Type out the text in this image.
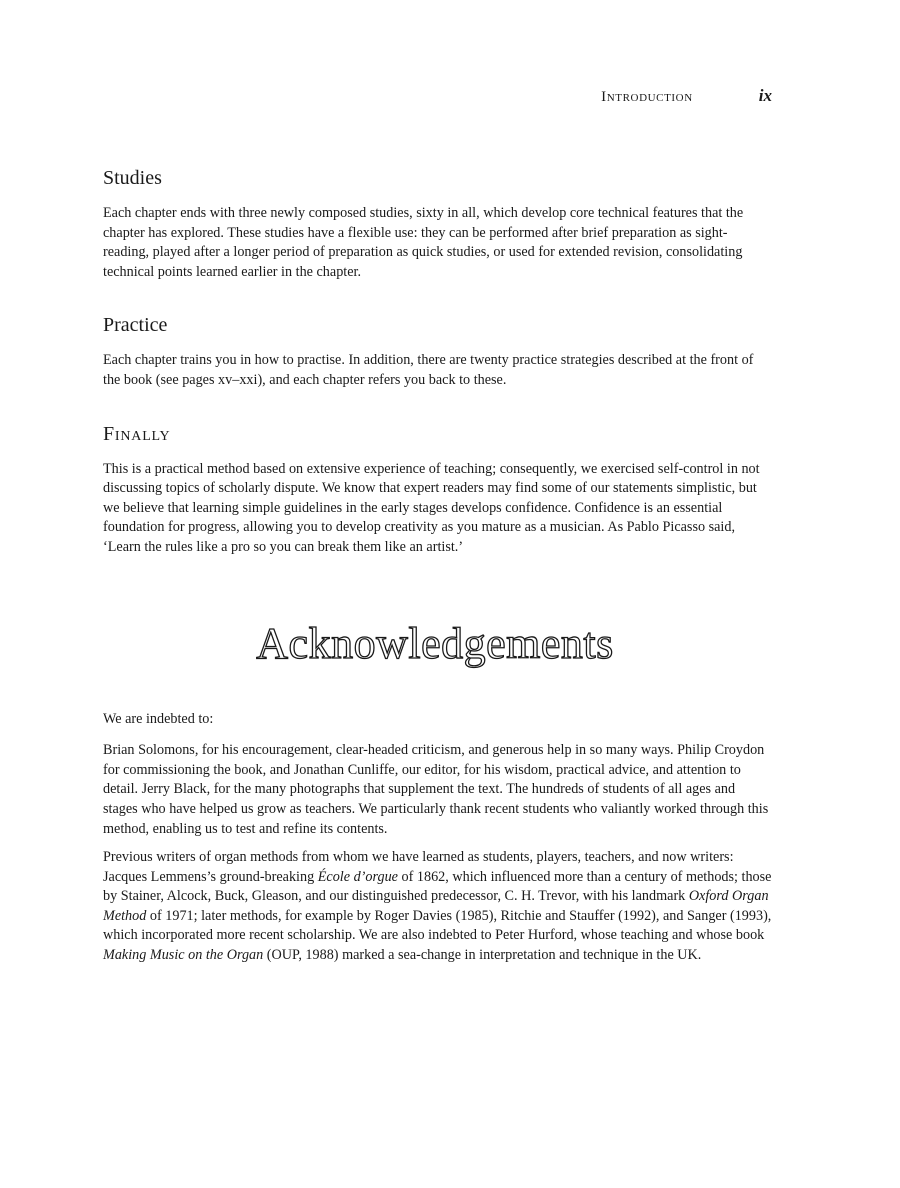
Introduction	ix
Studies

Each chapter ends with three newly composed studies, sixty in all, which develop core technical features that the chapter has explored. These studies have a flexible use: they can be performed after brief preparation as sight-reading, played after a longer period of preparation as quick studies, or used for extended revision, consolidating technical points learned earlier in the chapter.

Practice

Each chapter trains you in how to practise. In addition, there are twenty practice strategies described at the front of the book (see pages xv–xxi), and each chapter refers you back to these.

Finally

This is a practical method based on extensive experience of teaching; consequently, we exercised self-control in not discussing topics of scholarly dispute. We know that expert readers may find some of our statements simplistic, but we believe that learning simple guidelines in the early stages develops confidence. Confidence is an essential foundation for progress, allowing you to develop creativity as you mature as a musician. As Pablo Picasso said, ‘Learn the rules like a pro so you can break them like an artist.’

Acknowledgements

We are indebted to:

Brian Solomons, for his encouragement, clear-headed criticism, and generous help in so many ways. Philip Croydon for commissioning the book, and Jonathan Cunliffe, our editor, for his wisdom, practical advice, and attention to detail. Jerry Black, for the many photographs that supplement the text. The hundreds of students of all ages and stages who have helped us grow as teachers. We particularly thank recent students who valiantly worked through this method, enabling us to test and refine its contents.

Previous writers of organ methods from whom we have learned as students, players, teachers, and now writers: Jacques Lemmens’s ground-breaking École d’orgue of 1862, which influenced more than a century of methods; those by Stainer, Alcock, Buck, Gleason, and our distinguished predecessor, C. H. Trevor, with his landmark Oxford Organ Method of 1971; later methods, for example by Roger Davies (1985), Ritchie and Stauffer (1992), and Sanger (1993), which incorporated more recent scholarship. We are also indebted to Peter Hurford, whose teaching and whose book Making Music on the Organ (OUP, 1988) marked a sea-change in interpretation and technique in the UK.
